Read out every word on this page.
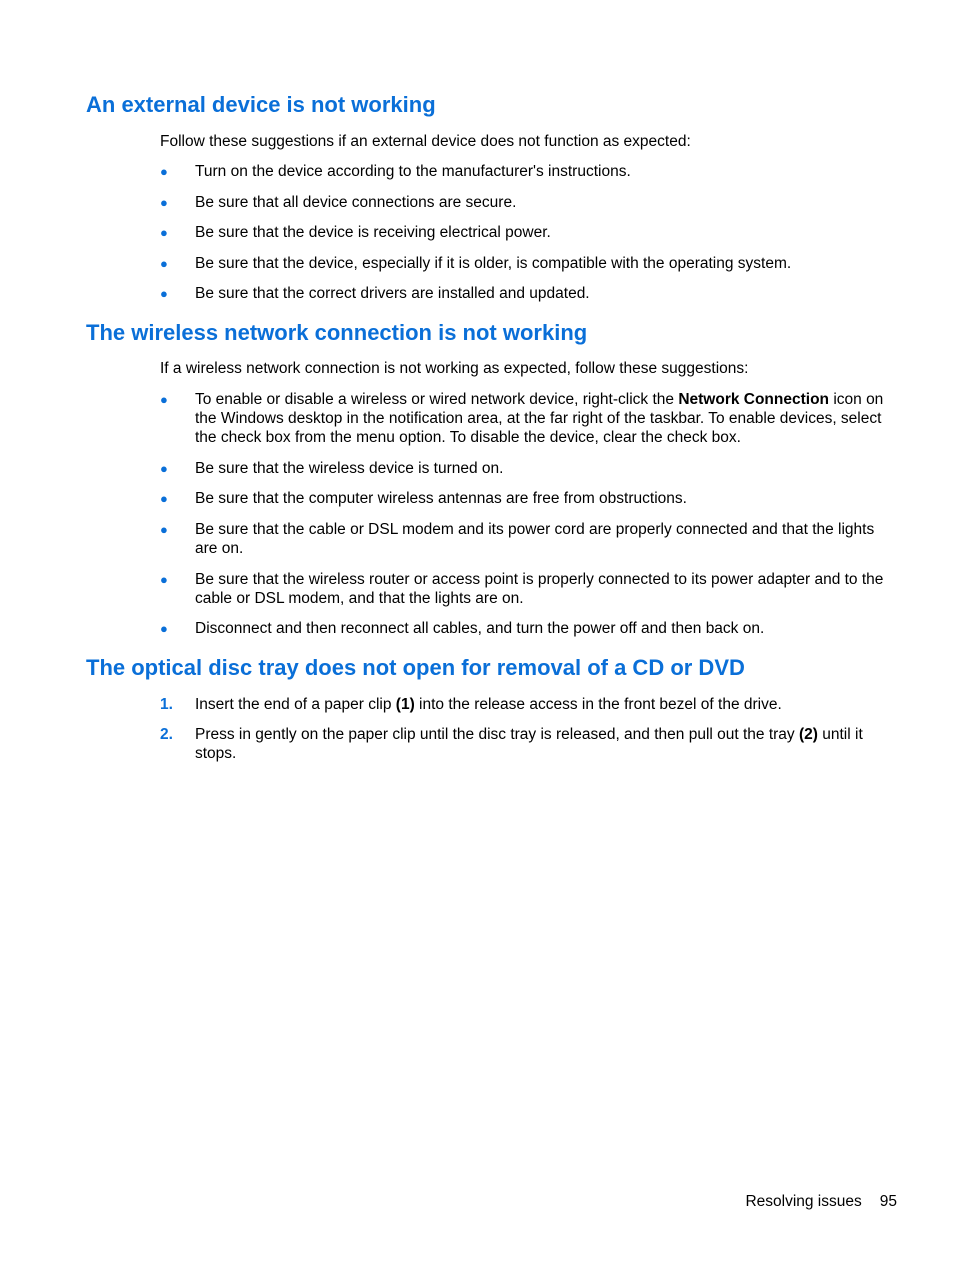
An external device is not working

Follow these suggestions if an external device does not function as expected:

● Turn on the device according to the manufacturer's instructions.
● Be sure that all device connections are secure.
● Be sure that the device is receiving electrical power.
● Be sure that the device, especially if it is older, is compatible with the operating system.
● Be sure that the correct drivers are installed and updated.
The wireless network connection is not working

If a wireless network connection is not working as expected, follow these suggestions:

● To enable or disable a wireless or wired network device, right-click the Network Connection icon on the Windows desktop in the notification area, at the far right of the taskbar. To enable devices, select the check box from the menu option. To disable the device, clear the check box.
● Be sure that the wireless device is turned on.
● Be sure that the computer wireless antennas are free from obstructions.
● Be sure that the cable or DSL modem and its power cord are properly connected and that the lights are on.
● Be sure that the wireless router or access point is properly connected to its power adapter and to the cable or DSL modem, and that the lights are on.
● Disconnect and then reconnect all cables, and turn the power off and then back on.
The optical disc tray does not open for removal of a CD or DVD
1. Insert the end of a paper clip (1) into the release access in the front bezel of the drive.
2. Press in gently on the paper clip until the disc tray is released, and then pull out the tray (2) until it stops.
Resolving issues 95
